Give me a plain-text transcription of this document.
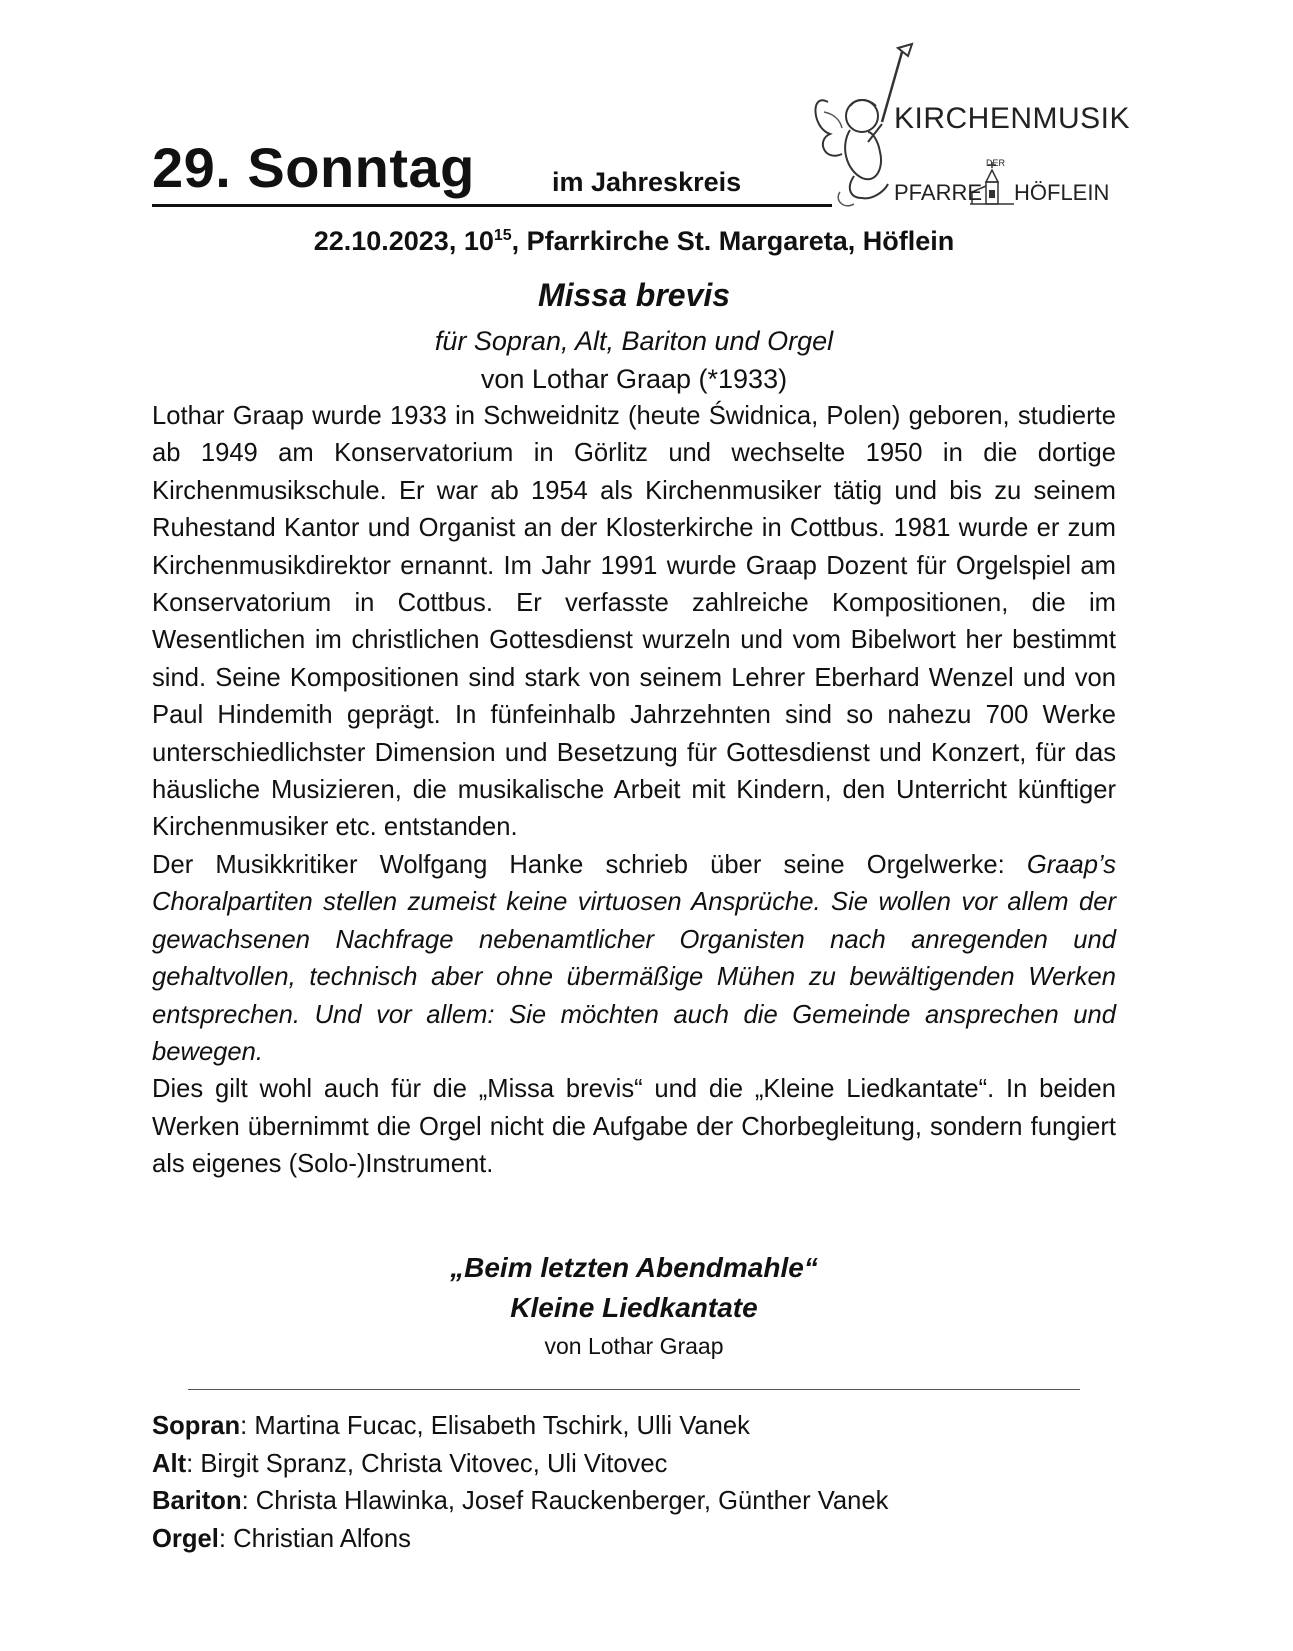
29. Sonntag	im Jahreskreis
KIRCHENMUSIK
DER
PFARRE HÖFLEIN
22.10.2023, $10^{15}$, Pfarrkirche St. Margareta, Höflein
Missa brevis
für Sopran, Alt, Bariton und Orgel
von Lothar Graap (*1933)

Lothar Graap wurde 1933 in Schweidnitz (heute Świdnica, Polen) geboren, studierte ab 1949 am Konservatorium in Görlitz und wechselte 1950 in die dortige Kirchenmusikschule. Er war ab 1954 als Kirchenmusiker tätig und bis zu seinem Ruhestand Kantor und Organist an der Klosterkirche in Cottbus. 1981 wurde er zum Kirchenmusikdirektor ernannt. Im Jahr 1991 wurde Graap Dozent für Orgelspiel am Konservatorium in Cottbus. Er verfasste zahlreiche Kompositionen, die im Wesentlichen im christlichen Gottesdienst wurzeln und vom Bibelwort her bestimmt sind. Seine Kompositionen sind stark von seinem Lehrer Eberhard Wenzel und von Paul Hindemith geprägt. In fünfeinhalb Jahrzehnten sind so nahezu 700 Werke unterschiedlichster Dimension und Besetzung für Gottesdienst und Konzert, für das häusliche Musizieren, die musikalische Arbeit mit Kindern, den Unterricht künftiger Kirchenmusiker etc. entstanden.

Der Musikkritiker Wolfgang Hanke schrieb über seine Orgelwerke: Graap’s Choralpartiten stellen zumeist keine virtuosen Ansprüche. Sie wollen vor allem der gewachsenen Nachfrage nebenamtlicher Organisten nach anregenden und gehaltvollen, technisch aber ohne übermäßige Mühen zu bewältigenden Werken entsprechen. Und vor allem: Sie möchten auch die Gemeinde ansprechen und bewegen.

Dies gilt wohl auch für die „Missa brevis“ und die „Kleine Liedkantate“. In beiden Werken übernimmt die Orgel nicht die Aufgabe der Chorbegleitung, sondern fungiert als eigenes (Solo-)Instrument.

„Beim letzten Abendmahle“
Kleine Liedkantate
von Lothar Graap
Sopran: Martina Fucac, Elisabeth Tschirk, Ulli Vanek
Alt: Birgit Spranz, Christa Vitovec, Uli Vitovec
Bariton: Christa Hlawinka, Josef Rauckenberger, Günther Vanek
Orgel: Christian Alfons
